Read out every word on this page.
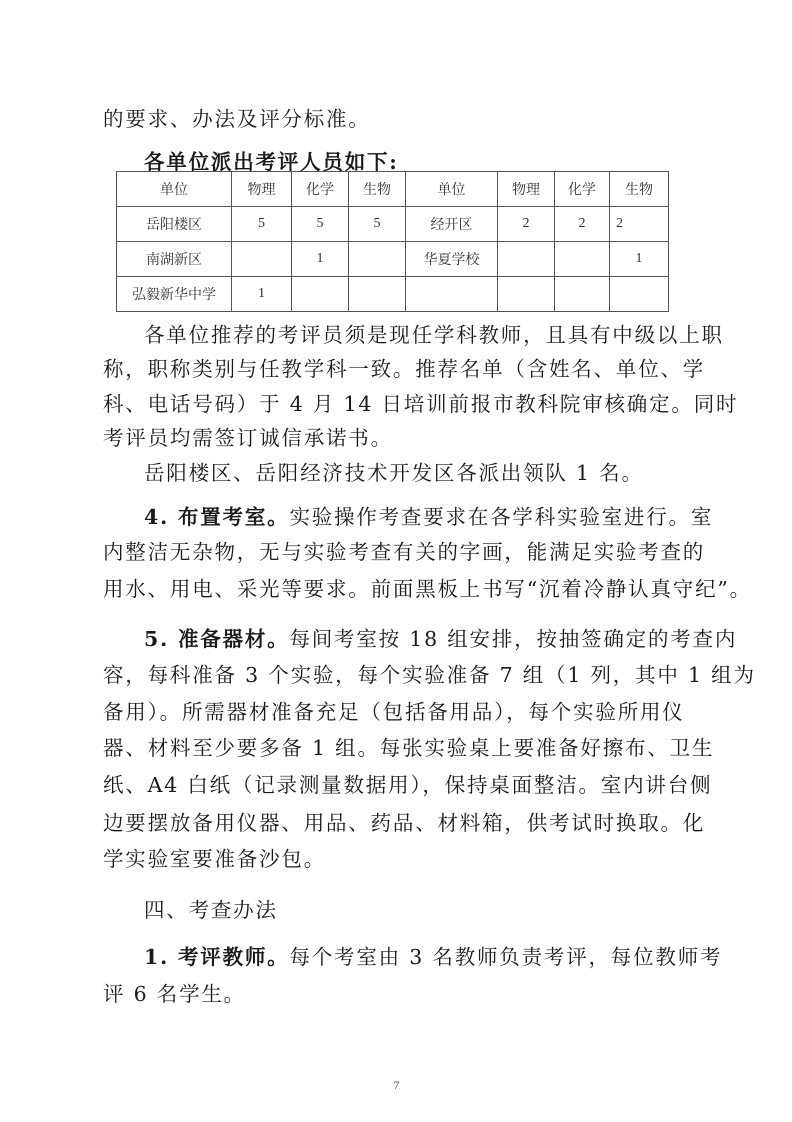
的要求、办法及评分标准。
各单位派出考评人员如下:
单位	物理	化学	生物	单位	物理	化学	生物
岳阳楼区	5	5	5	经开区	2	2	2
南湖新区		1		华夏学校			1
弘毅新华中学	1						
各单位推荐的考评员须是现任学科教师，且具有中级以上职
称，职称类别与任教学科一致。推荐名单（含姓名、单位、学
科、电话号码）于 4 月 14 日培训前报市教科院审核确定。同时
考评员均需签订诚信承诺书。
岳阳楼区、岳阳经济技术开发区各派出领队 1 名。
4. 布置考室。实验操作考查要求在各学科实验室进行。室
内整洁无杂物，无与实验考查有关的字画，能满足实验考查的
用水、用电、采光等要求。前面黑板上书写“沉着冷静认真守纪”。
5. 准备器材。每间考室按 18 组安排，按抽签确定的考查内
容，每科准备 3 个实验，每个实验准备 7 组（1 列，其中 1 组为
备用）。所需器材准备充足（包括备用品），每个实验所用仪
器、材料至少要多备 1 组。每张实验桌上要准备好擦布、卫生
纸、A4 白纸（记录测量数据用），保持桌面整洁。室内讲台侧
边要摆放备用仪器、用品、药品、材料箱，供考试时换取。化
学实验室要准备沙包。
四、考查办法
1. 考评教师。每个考室由 3 名教师负责考评，每位教师考
评 6 名学生。
7
